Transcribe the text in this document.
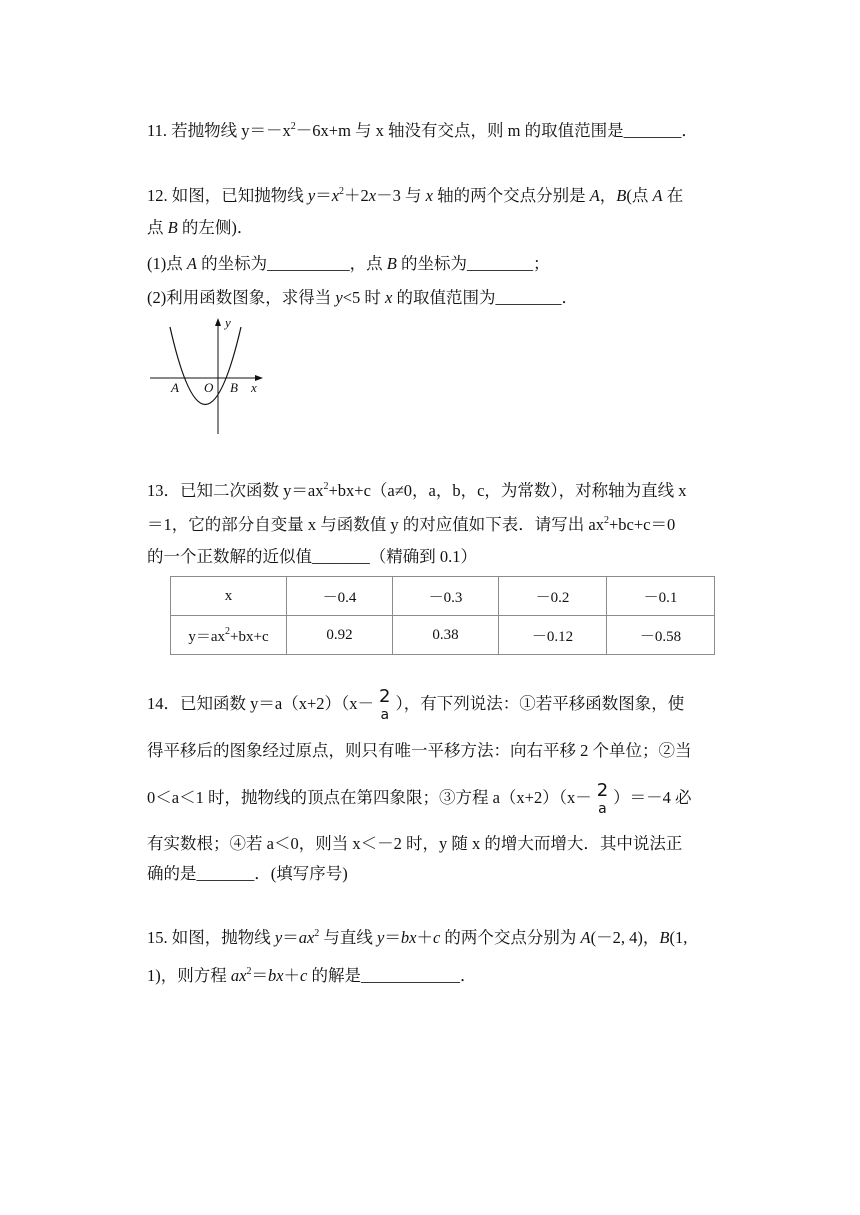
11. 若抛物线 $y=-x^2-6x+m$ 与 x 轴没有交点，则 m 的取值范围是_______．
12. 如图，已知抛物线 $y=x^2+2x-3$ 与 x 轴的两个交点分别是 A，B(点 A 在
点 B 的左侧)．
(1)点 A 的坐标为__________，点 B 的坐标为________；
(2)利用函数图象，求得当 y<5 时 x 的取值范围为________．
y
x
A O B
13．已知二次函数 $y=ax^2+bx+c(a\ne 0$，a，b，c，为常数），对称轴为直线 x
＝1，它的部分自变量 x 与函数值 y 的对应值如下表．请写出 $ax^2+bc+c=0$
的一个正数解的近似值_______（精确到 0.1）
x	－0.4	－0.3	－0.2	－0.1
$y=ax^2+bx+c$	0.92	0.38	－0.12	－0.58
14．已知函数 y＝a（x+2）（x－ 2
a
），有下列说法：①若平移函数图象，使
得平移后的图象经过原点，则只有唯一平移方法：向右平移 2 个单位；②当
0＜a＜1 时，抛物线的顶点在第四象限；③方程 a（x+2）（x－ 2
a
）＝－4 必
有实数根；④若 a＜0，则当 x＜－2 时，y 随 x 的增大而增大．其中说法正
确的是_______．(填写序号)
15. 如图，抛物线 $y=ax^2$ 与直线 y＝bx＋c 的两个交点分别为 A(－2, 4)，B(1,
1)，则方程 $ax^2=bx+c$ 的解是____________．
